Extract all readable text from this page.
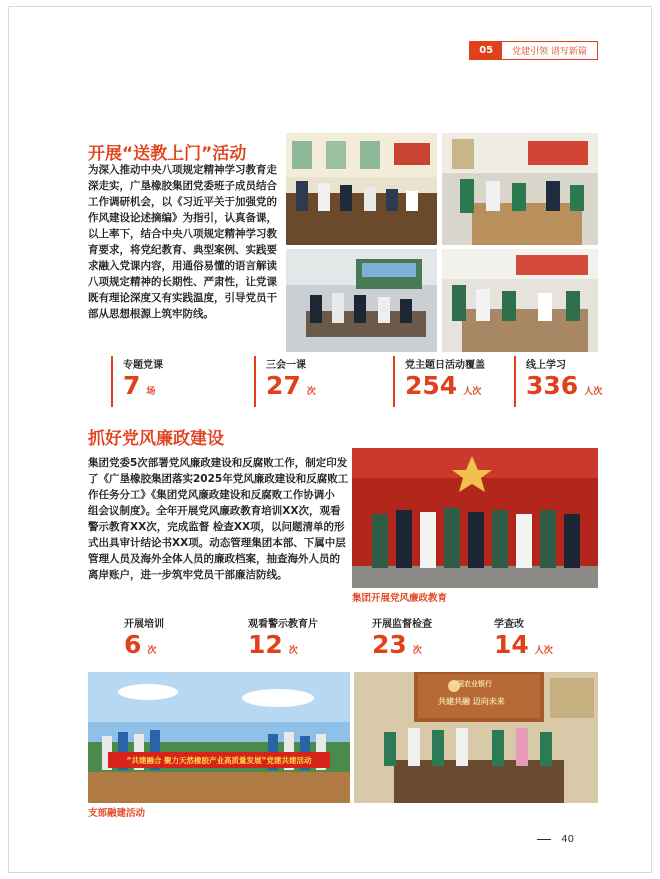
05	党建引领 谱写新篇
开展“送教上门”活动
为深入推动中央八项规定精神学习教育走
深走实，广垦橡胶集团党委班子成员结合
工作调研机会，以《习近平关于加强党的
作风建设论述摘编》为指引，认真备课，
以上率下，结合中央八项规定精神学习教
育要求，将党纪教育、典型案例、实践要
求融入党课内容，用通俗易懂的语言解读
八项规定精神的长期性、严肃性，让党课
既有理论深度又有实践温度，引导党员干
部从思想根源上筑牢防线。
专题党课
7 场
三会一课
27 次
党主题日活动覆盖
254 人次
线上学习
336 人次
抓好党风廉政建设
集团党委5次部署党风廉政建设和反腐败工作，制定印发
了《广垦橡胶集团落实2025年党风廉政建设和反腐败工
作任务分工》《集团党风廉政建设和反腐败工作协调小
组会议制度》。全年开展党风廉政教育培训XX次，观看
警示教育XX次，完成监督 检查XX项，以问题清单的形
式出具审计结论书XX项。动态管理集团本部、下属中层
管理人员及海外全体人员的廉政档案，抽查海外人员的
离岸账户，进一步筑牢党员干部廉洁防线。
集团开展党风廉政教育
开展培训
6 次
观看警示教育片
12 次
开展监督检查
23 次
学查改
14 人次
“共建融合 聚力天然橡胶产业高质量发展”党建共建活动
中国农业银行
共建共融 迈向未来
支部融建活动
40
